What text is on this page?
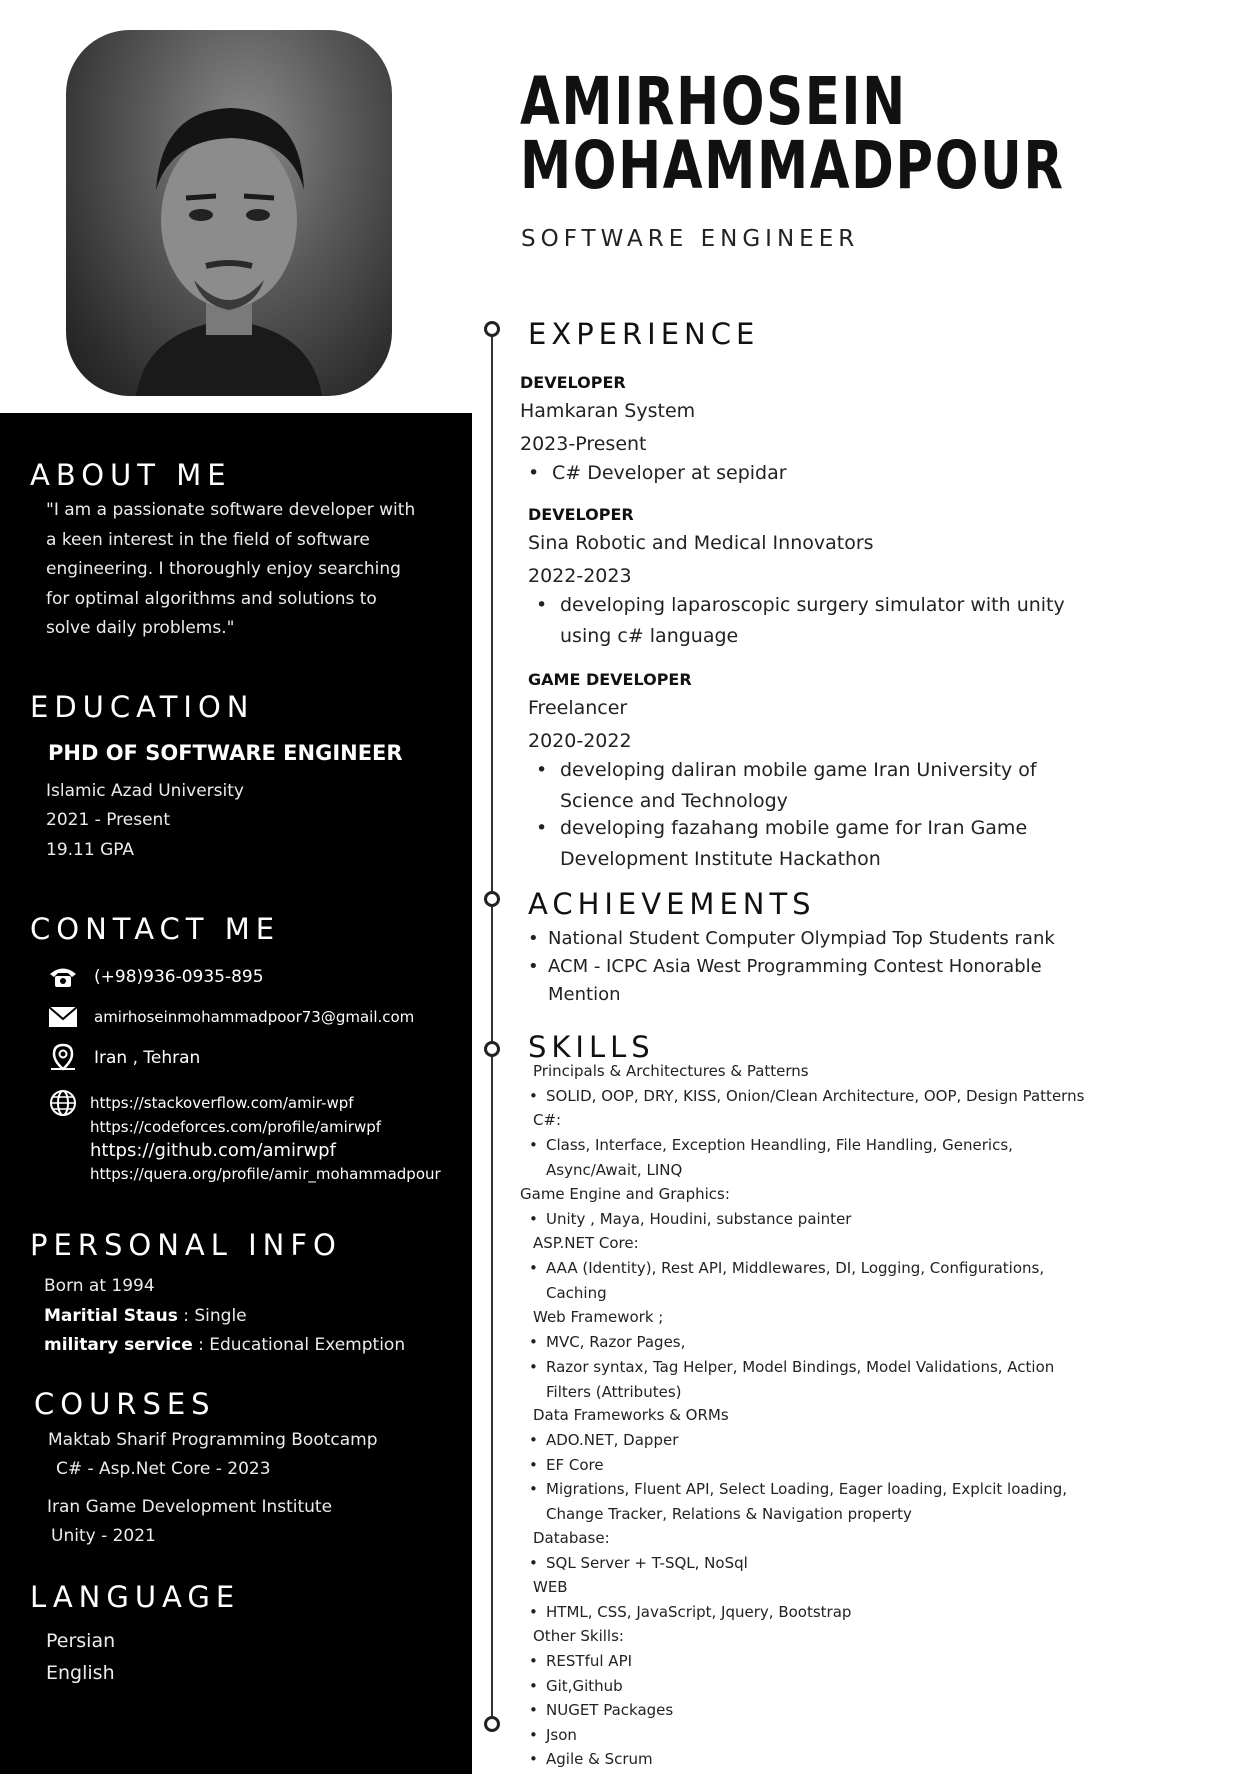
AMIRHOSEIN
MOHAMMADPOUR
SOFTWARE ENGINEER
ABOUT ME
"I am a passionate software developer with a keen interest in the field of software engineering. I thoroughly enjoy searching for optimal algorithms and solutions to solve daily problems."
EDUCATION
PHD OF SOFTWARE ENGINEER
Islamic Azad University
2021 - Present
19.11 GPA
CONTACT ME
(+98)936-0935-895
amirhoseinmohammadpoor73@gmail.com
Iran , Tehran
https://stackoverflow.com/amir-wpf
https://codeforces.com/profile/amirwpf
https://github.com/amirwpf
https://quera.org/profile/amir_mohammadpour
PERSONAL INFO
Born at 1994
Maritial Staus : Single
military service : Educational Exemption
COURSES
Maktab Sharif Programming Bootcamp
C# - Asp.Net Core - 2023
Iran Game Development Institute
Unity - 2021
LANGUAGE
Persian
English
EXPERIENCE
DEVELOPER
Hamkaran System
2023-Present
• C# Developer at sepidar
DEVELOPER
Sina Robotic and Medical Innovators
2022-2023
• developing laparoscopic surgery simulator with unity using c# language
GAME DEVELOPER
Freelancer
2020-2022
• developing daliran mobile game Iran University of Science and Technology
• developing fazahang mobile game for Iran Game Development Institute Hackathon
ACHIEVEMENTS
• National Student Computer Olympiad Top Students rank
• ACM - ICPC Asia West Programming Contest Honorable Mention
SKILLS
Principals & Architectures & Patterns
• SOLID, OOP, DRY, KISS, Onion/Clean Architecture, OOP, Design Patterns
C#:
• Class, Interface, Exception Heandling, File Handling, Generics, Async/Await, LINQ
Game Engine and Graphics:
• Unity , Maya, Houdini, substance painter
ASP.NET Core:
• AAA (Identity), Rest API, Middlewares, DI, Logging, Configurations, Caching
Web Framework ;
• MVC, Razor Pages,
• Razor syntax, Tag Helper, Model Bindings, Model Validations, Action Filters (Attributes)
Data Frameworks & ORMs
• ADO.NET, Dapper
• EF Core
• Migrations, Fluent API, Select Loading, Eager loading, Explcit loading, Change Tracker, Relations & Navigation property
Database:
• SQL Server + T-SQL, NoSql
WEB
• HTML, CSS, JavaScript, Jquery, Bootstrap
Other Skills:
• RESTful API
• Git,Github
• NUGET Packages
• Json
• Agile & Scrum
